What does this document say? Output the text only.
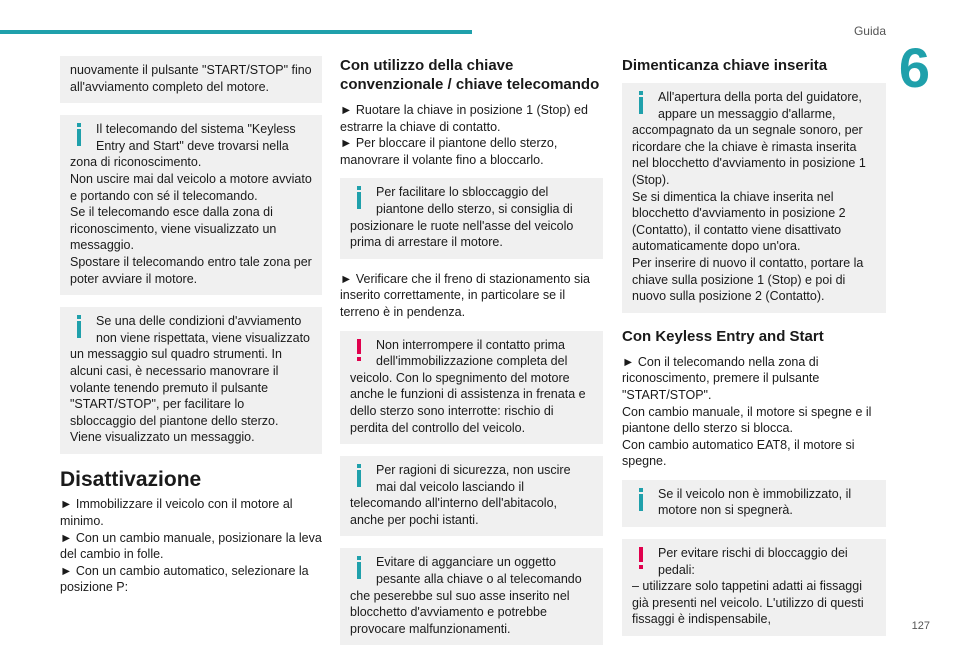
Guida
6
nuovamente il pulsante "START/STOP" fino all'avviamento completo del motore.
Il telecomando del sistema "Keyless Entry and Start" deve trovarsi nella zona di riconoscimento.
Non uscire mai dal veicolo a motore avviato e portando con sé il telecomando.
Se il telecomando esce dalla zona di riconoscimento, viene visualizzato un messaggio.
Spostare il telecomando entro tale zona per poter avviare il motore.
Se una delle condizioni d'avviamento non viene rispettata, viene visualizzato un messaggio sul quadro strumenti. In alcuni casi, è necessario manovrare il volante tenendo premuto il pulsante "START/STOP", per facilitare lo sbloccaggio del piantone dello sterzo. Viene visualizzato un messaggio.
Disattivazione
► Immobilizzare il veicolo con il motore al minimo.
► Con un cambio manuale, posizionare la leva del cambio in folle.
► Con un cambio automatico, selezionare la posizione P:
Con utilizzo della chiave convenzionale / chiave telecomando

► Ruotare la chiave in posizione 1 (Stop) ed estrarre la chiave di contatto.
► Per bloccare il piantone dello sterzo, manovrare il volante fino a bloccarlo.

Per facilitare lo sbloccaggio del piantone dello sterzo, si consiglia di posizionare le ruote nell'asse del veicolo prima di arrestare il motore.

► Verificare che il freno di stazionamento sia inserito correttamente, in particolare se il terreno è in pendenza.

Non interrompere il contatto prima dell'immobilizzazione completa del veicolo. Con lo spegnimento del motore anche le funzioni di assistenza in frenata e dello sterzo sono interrotte: rischio di perdita del controllo del veicolo.
Per ragioni di sicurezza, non uscire mai dal veicolo lasciando il telecomando all'interno dell'abitacolo, anche per pochi istanti.
Evitare di agganciare un oggetto pesante alla chiave o al telecomando che peserebbe sul suo asse inserito nel blocchetto d'avviamento e potrebbe provocare malfunzionamenti.
Dimenticanza chiave inserita
All'apertura della porta del guidatore, appare un messaggio d'allarme, accompagnato da un segnale sonoro, per ricordare che la chiave è rimasta inserita nel blocchetto d'avviamento in posizione 1 (Stop).
Se si dimentica la chiave inserita nel blocchetto d'avviamento in posizione 2 (Contatto), il contatto viene disattivato automaticamente dopo un'ora.
Per inserire di nuovo il contatto, portare la chiave sulla posizione 1 (Stop) e poi di nuovo sulla posizione 2 (Contatto).
Con Keyless Entry and Start

► Con il telecomando nella zona di riconoscimento, premere il pulsante "START/STOP".
Con cambio manuale, il motore si spegne e il piantone dello sterzo si blocca.
Con cambio automatico EAT8, il motore si spegne.

Se il veicolo non è immobilizzato, il motore non si spegnerà.
Per evitare rischi di bloccaggio dei pedali:
– utilizzare solo tappetini adatti ai fissaggi già presenti nel veicolo. L'utilizzo di questi fissaggi è indispensabile,	127
